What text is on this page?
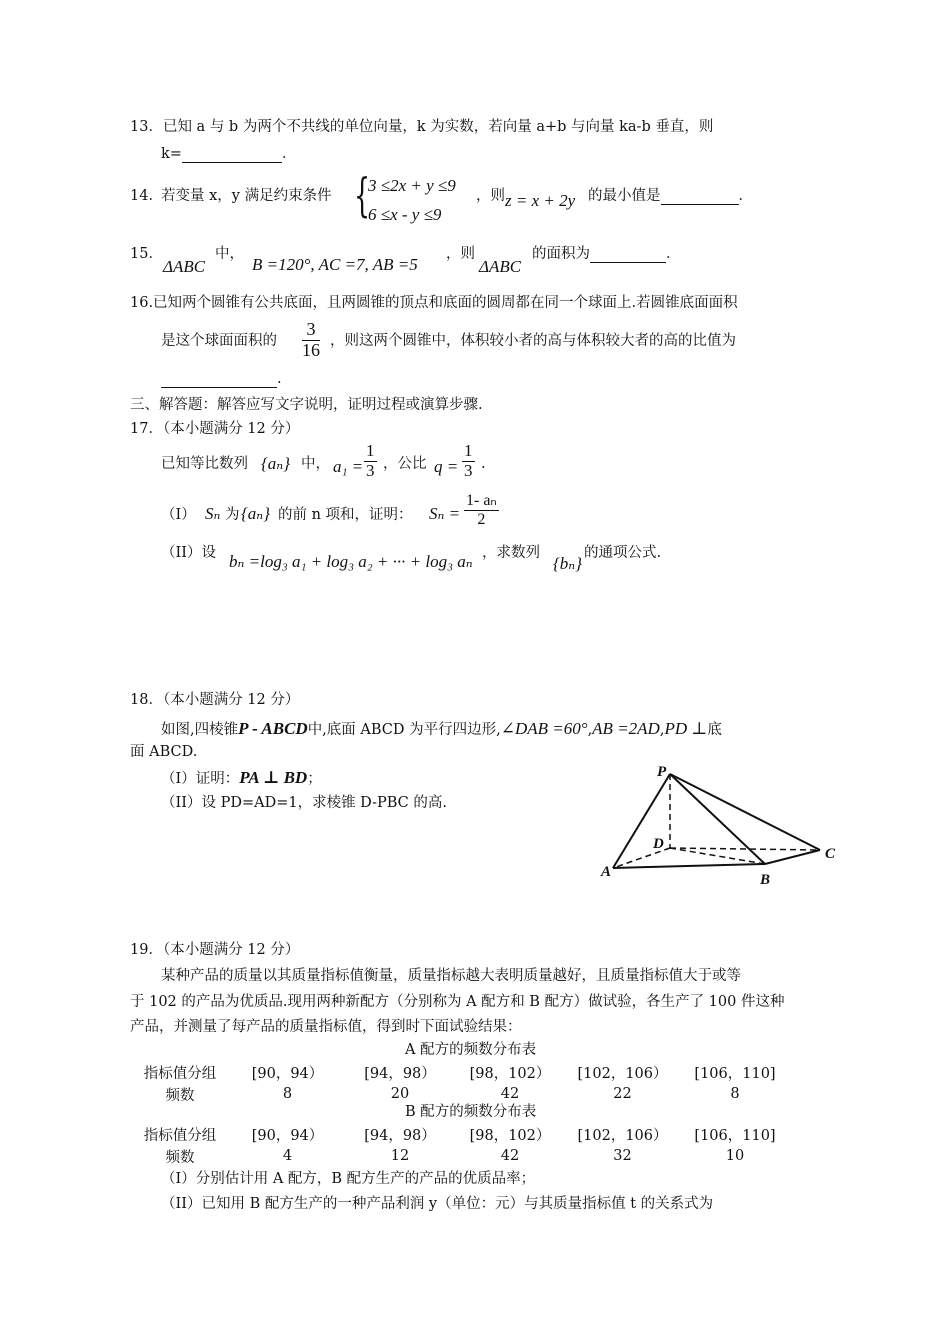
13．已知 a 与 b 为两个不共线的单位向量，k 为实数，若向量 a+b 与向量 ka-b 垂直，则
k=	．
14．
若变量 x，y 满足约束条件 {
3 ≤2x + y ≤9
6 ≤x - y ≤9
，则 z = x + 2y 的最小值是	．
15．
ΔABC
中，
B =120°, AC =7, AB =5
，则
ΔABC
的面积为	．
16.已知两个圆锥有公共底面，且两圆锥的顶点和底面的圆周都在同一个球面上.若圆锥底面面积
是这个球面面积的 $\frac{3}{16}$ ，则这两个圆锥中，体积较小者的高与体积较大者的高的比值为
.
三、解答题：解答应写文字说明，证明过程或演算步骤.
17．（本小题满分 12 分）
已知等比数列 {aₙ} 中， $a_1 = \frac{1}{3}$ ，公比 $q = \frac{1}{3}$ .
（I） Sₙ 为 {aₙ} 的前 n 项和，证明： $S_n = \frac{\text{1- aₙ}}{2}$
（II）设 bₙ =log₃ a₁ + log₃ a₂ + ··· + log₃ aₙ ，求数列
{bₙ}
的通项公式.
18．（本小题满分 12 分）
如图,四棱锥P - ABCD中,底面 ABCD 为平行四边形,∠DAB =60°,AB =2AD,PD ⊥底
面 ABCD.
（I）证明：PA ⊥ BD；
（II）设 PD=AD=1，求棱锥 D-PBC 的高.
P
D
A	B
C
19．（本小题满分 12 分）
某种产品的质量以其质量指标值衡量，质量指标越大表明质量越好，且质量指标值大于或等
于 102 的产品为优质品.现用两种新配方（分别称为 A 配方和 B 配方）做试验，各生产了 100 件这种
产品，并测量了每产品的质量指标值，得到时下面试验结果：
A 配方的频数分布表
指标值分组	[90，94）	[94，98）	[98，102）	[102，106）	[106，110]
频数	8	20	42	22	8
B 配方的频数分布表
指标值分组	[90，94）	[94，98）	[98，102）	[102，106）	[106，110]
频数	4	12	42	32	10
（I）分别估计用 A 配方，B 配方生产的产品的优质品率；
（II）已知用 B 配方生产的一种产品利润 y（单位：元）与其质量指标值 t 的关系式为
